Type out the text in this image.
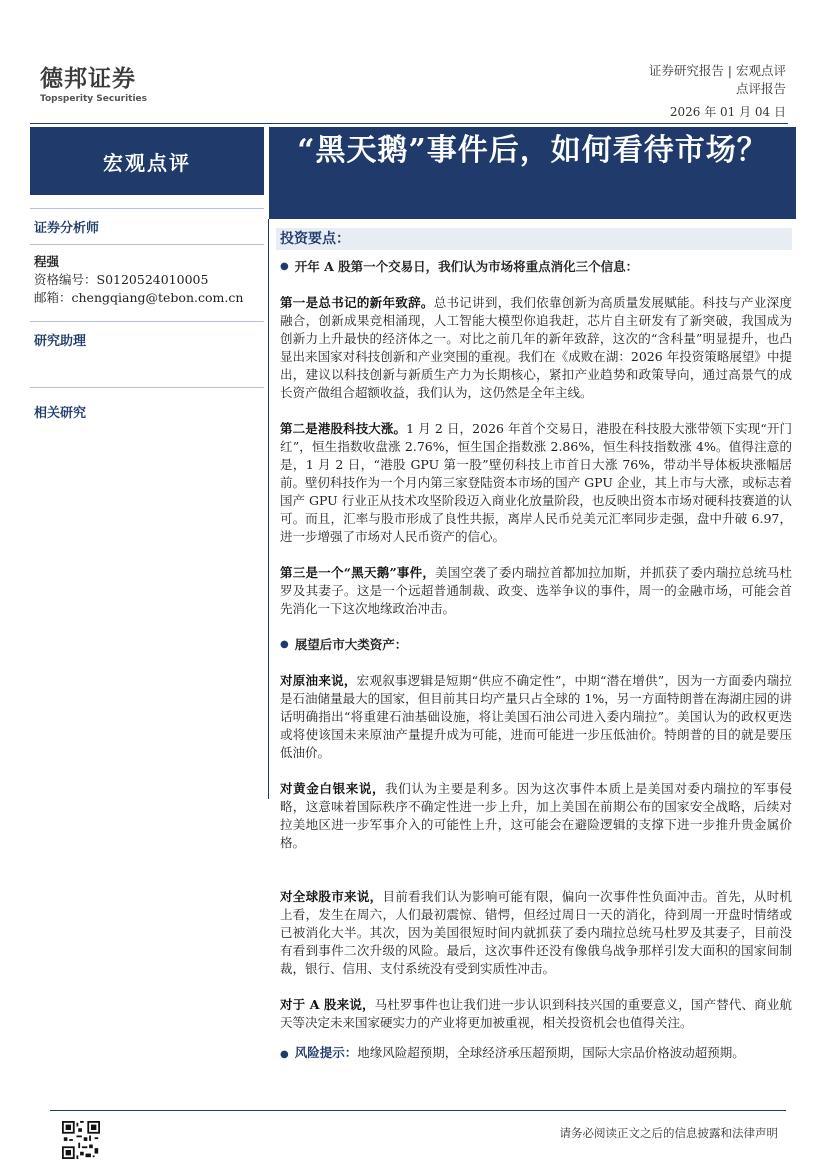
德邦证券
Topsperity Securities
证券研究报告 | 宏观点评
点评报告
2026 年 01 月 04 日
宏观点评	“黑天鹅”事件后，如何看待市场？
证券分析师
程强
资格编号：S0120524010005
邮箱：chengqiang@tebon.com.cn
研究助理
相关研究
投资要点：
● 开年 A 股第一个交易日，我们认为市场将重点消化三个信息：

第一是总书记的新年致辞。总书记讲到，我们依靠创新为高质量发展赋能。科技与产业深度融合，创新成果竞相涌现，人工智能大模型你追我赶，芯片自主研发有了新突破，我国成为创新力上升最快的经济体之一。对比之前几年的新年致辞，这次的“含科量”明显提升，也凸显出来国家对科技创新和产业突围的重视。我们在《成败在湖：2026 年投资策略展望》中提出，建议以科技创新与新质生产力为长期核心，紧扣产业趋势和政策导向，通过高景气的成长资产做组合超额收益，我们认为，这仍然是全年主线。

第二是港股科技大涨。1 月 2 日，2026 年首个交易日，港股在科技股大涨带领下实现“开门红”，恒生指数收盘涨 2.76%，恒生国企指数涨 2.86%，恒生科技指数涨 4%。值得注意的是，1 月 2 日，“港股 GPU 第一股”壁仞科技上市首日大涨 76%，带动半导体板块涨幅居前。壁仞科技作为一个月内第三家登陆资本市场的国产 GPU 企业，其上市与大涨，或标志着国产 GPU 行业正从技术攻坚阶段迈入商业化放量阶段，也反映出资本市场对硬科技赛道的认可。而且，汇率与股市形成了良性共振，离岸人民币兑美元汇率同步走强，盘中升破 6.97，进一步增强了市场对人民币资产的信心。

第三是一个“黑天鹅”事件，美国空袭了委内瑞拉首都加拉加斯，并抓获了委内瑞拉总统马杜罗及其妻子。这是一个远超普通制裁、政变、选举争议的事件，周一的金融市场，可能会首先消化一下这次地缘政治冲击。

● 展望后市大类资产：

对原油来说，宏观叙事逻辑是短期“供应不确定性”，中期“潜在增供”，因为一方面委内瑞拉是石油储量最大的国家，但目前其日均产量只占全球的 1%，另一方面特朗普在海湖庄园的讲话明确指出“将重建石油基础设施，将让美国石油公司进入委内瑞拉”。美国认为的政权更迭或将使该国未来原油产量提升成为可能，进而可能进一步压低油价。特朗普的目的就是要压低油价。

对黄金白银来说，我们认为主要是利多。因为这次事件本质上是美国对委内瑞拉的军事侵略，这意味着国际秩序不确定性进一步上升，加上美国在前期公布的国家安全战略，后续对拉美地区进一步军事介入的可能性上升，这可能会在避险逻辑的支撑下进一步推升贵金属价格。

对全球股市来说，目前看我们认为影响可能有限，偏向一次事件性负面冲击。首先，从时机上看，发生在周六，人们最初震惊、错愕，但经过周日一天的消化，待到周一开盘时情绪或已被消化大半。其次，因为美国很短时间内就抓获了委内瑞拉总统马杜罗及其妻子，目前没有看到事件二次升级的风险。最后，这次事件还没有像俄乌战争那样引发大面积的国家间制裁，银行、信用、支付系统没有受到实质性冲击。

对于 A 股来说，马杜罗事件也让我们进一步认识到科技兴国的重要意义，国产替代、商业航天等决定未来国家硬实力的产业将更加被重视，相关投资机会也值得关注。

● 风险提示：地缘风险超预期，全球经济承压超预期，国际大宗品价格波动超预期。

请务必阅读正文之后的信息披露和法律声明
